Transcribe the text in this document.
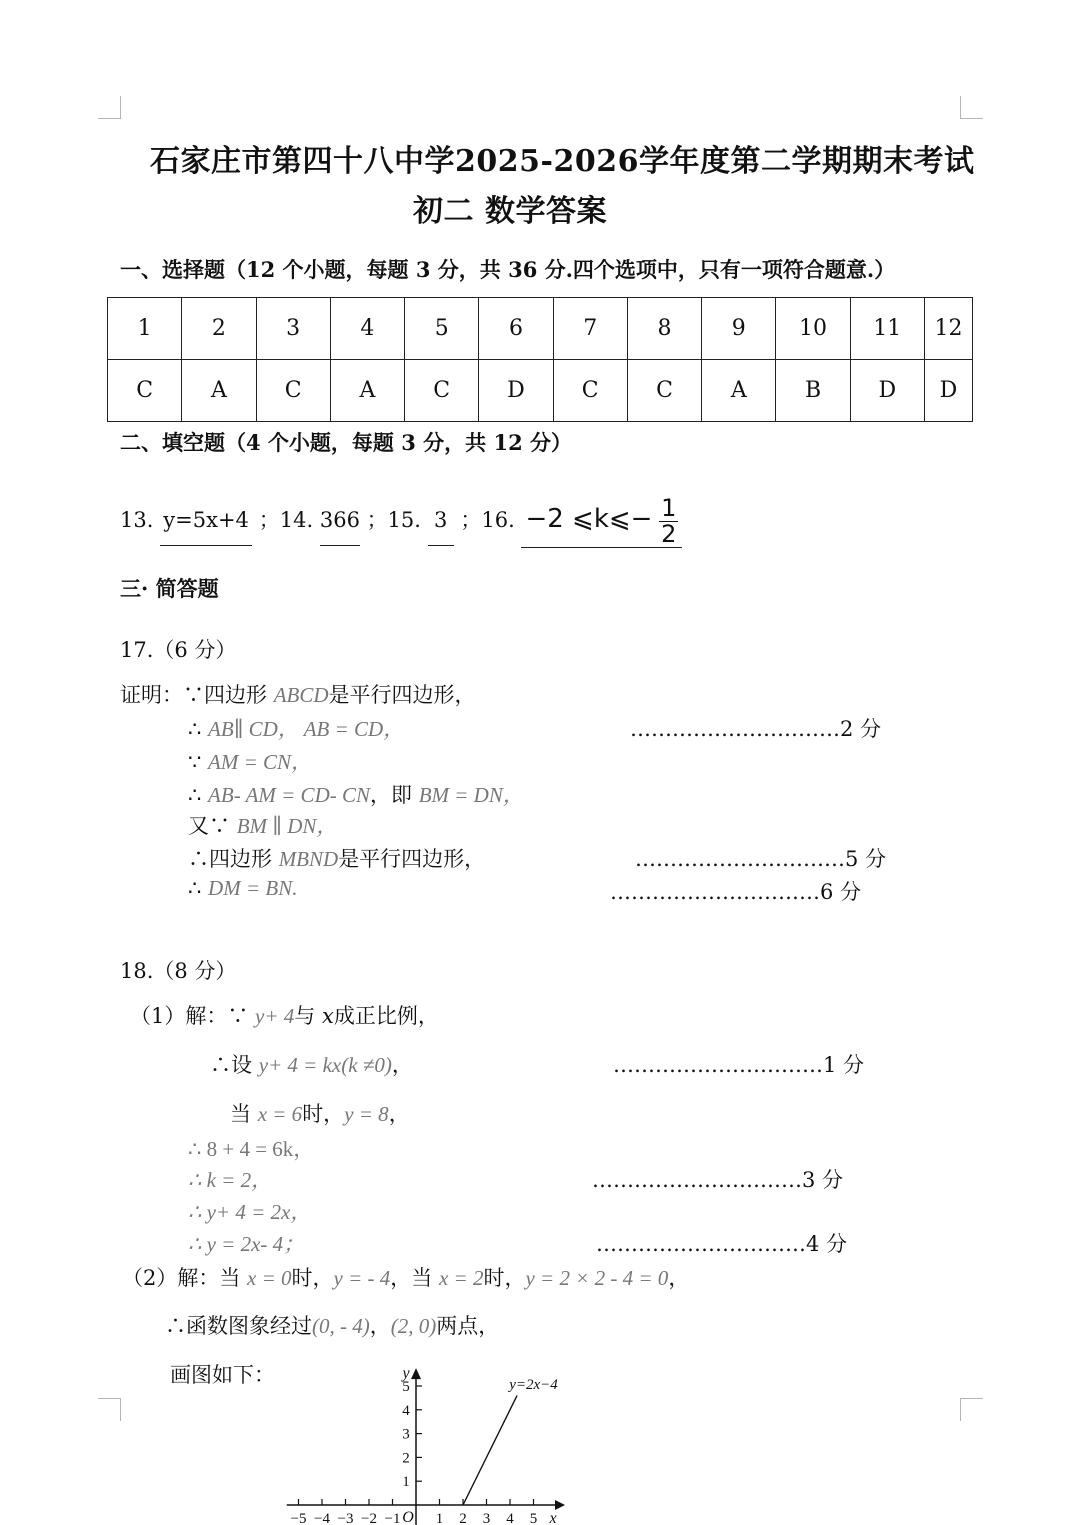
石家庄市第四十八中学2025-2026学年度第二学期期末考试
初二 数学答案
一、选择题（12 个小题，每题 3 分，共 36 分.四个选项中，只有一项符合题意.）
1	2	3	4	5	6	7	8	9	10	11	12
C	A	C	A	C	D	C	C	A	B	D	D
二、填空题（4 个小题，每题 3 分，共 12 分）
13. y=5x+4 ；14. 366 ；15. 3 ；16. −2 ⩽k⩽− $\frac{1}{2}$
三· 简答题
17.（6 分）
证明：∵四边形 ABCD是平行四边形，
∴ AB∥ CD， AB = CD，	…………………………2 分
∵ AM = CN，
∴ AB- AM = CD- CN，即 BM = DN，
又∵ BM ∥ DN，
∴四边形 MBND是平行四边形，	…………………………5 分
∴ DM = BN.	…………………………6 分
18.（8 分）
（1）解：∵ y+ 4与 x成正比例，
∴设 y+ 4 = kx(k ≠0)，	…………………………1 分
当 x = 6时，y = 8，
∴ 8 + 4 = 6k，
∴ k = 2，	…………………………3 分
∴ y+ 4 = 2x，
∴ y = 2x- 4；	…………………………4 分
（2）解：当 x = 0时，y = - 4，当 x = 2时，y = 2 × 2 - 4 = 0，
∴函数图象经过(0, - 4)，(2, 0)两点，
画图如下：
x
y
O
−5 −4 −3 −2 −1 1 2 3 4 5
1
2
3
4
5	y=2x−4
